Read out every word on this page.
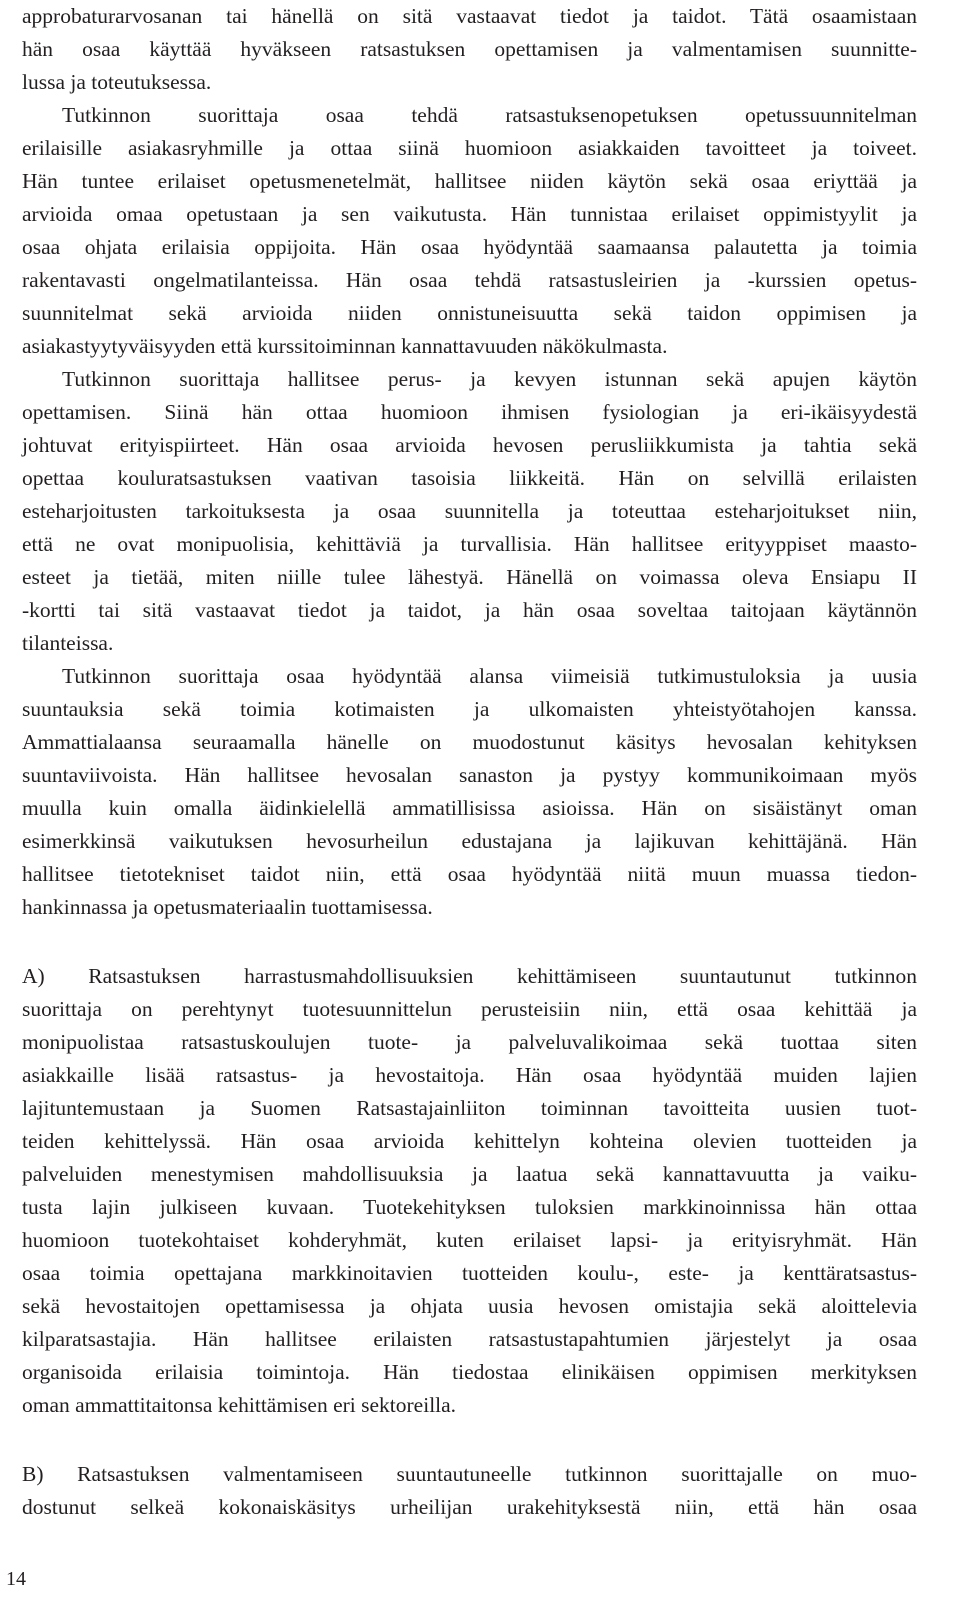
approbaturarvosanan tai hänellä on sitä vastaavat tiedot ja taidot. Tätä osaamistaan
hän osaa käyttää hyväkseen ratsastuksen opettamisen ja valmentamisen suunnitte-
lussa ja toteutuksessa.
Tutkinnon suorittaja osaa tehdä ratsastuksenopetuksen opetussuunnitelman
erilaisille asiakasryhmille ja ottaa siinä huomioon asiakkaiden tavoitteet ja toiveet.
Hän tuntee erilaiset opetusmenetelmät, hallitsee niiden käytön sekä osaa eriyttää ja
arvioida omaa opetustaan ja sen vaikutusta. Hän tunnistaa erilaiset oppimistyylit ja
osaa ohjata erilaisia oppijoita. Hän osaa hyödyntää saamaansa palautetta ja toimia
rakentavasti ongelmatilanteissa. Hän osaa tehdä ratsastusleirien ja -kurssien opetus-
suunnitelmat sekä arvioida niiden onnistuneisuutta sekä taidon oppimisen ja
asiakastyytyväisyyden että kurssitoiminnan kannattavuuden näkökulmasta.
Tutkinnon suorittaja hallitsee perus- ja kevyen istunnan sekä apujen käytön
opettamisen. Siinä hän ottaa huomioon ihmisen fysiologian ja eri-ikäisyydestä
johtuvat erityispiirteet. Hän osaa arvioida hevosen perusliikkumista ja tahtia sekä
opettaa kouluratsastuksen vaativan tasoisia liikkeitä. Hän on selvillä erilaisten
esteharjoitusten tarkoituksesta ja osaa suunnitella ja toteuttaa esteharjoitukset niin,
että ne ovat monipuolisia, kehittäviä ja turvallisia. Hän hallitsee erityyppiset maasto-
esteet ja tietää, miten niille tulee lähestyä. Hänellä on voimassa oleva Ensiapu II
-kortti tai sitä vastaavat tiedot ja taidot, ja hän osaa soveltaa taitojaan käytännön
tilanteissa.
Tutkinnon suorittaja osaa hyödyntää alansa viimeisiä tutkimustuloksia ja uusia
suuntauksia sekä toimia kotimaisten ja ulkomaisten yhteistyötahojen kanssa.
Ammattialaansa seuraamalla hänelle on muodostunut käsitys hevosalan kehityksen
suuntaviivoista. Hän hallitsee hevosalan sanaston ja pystyy kommunikoimaan myös
muulla kuin omalla äidinkielellä ammatillisissa asioissa. Hän on sisäistänyt oman
esimerkkinsä vaikutuksen hevosurheilun edustajana ja lajikuvan kehittäjänä. Hän
hallitsee tietotekniset taidot niin, että osaa hyödyntää niitä muun muassa tiedon-
hankinnassa ja opetusmateriaalin tuottamisessa.
A) Ratsastuksen harrastusmahdollisuuksien kehittämiseen suuntautunut tutkinnon
suorittaja on perehtynyt tuotesuunnittelun perusteisiin niin, että osaa kehittää ja
monipuolistaa ratsastuskoulujen tuote- ja palveluvalikoimaa sekä tuottaa siten
asiakkaille lisää ratsastus- ja hevostaitoja. Hän osaa hyödyntää muiden lajien
lajituntemustaan ja Suomen Ratsastajainliiton toiminnan tavoitteita uusien tuot-
teiden kehittelyssä. Hän osaa arvioida kehittelyn kohteina olevien tuotteiden ja
palveluiden menestymisen mahdollisuuksia ja laatua sekä kannattavuutta ja vaiku-
tusta lajin julkiseen kuvaan. Tuotekehityksen tuloksien markkinoinnissa hän ottaa
huomioon tuotekohtaiset kohderyhmät, kuten erilaiset lapsi- ja erityisryhmät. Hän
osaa toimia opettajana markkinoitavien tuotteiden koulu-, este- ja kenttäratsastus-
sekä hevostaitojen opettamisessa ja ohjata uusia hevosen omistajia sekä aloittelevia
kilparatsastajia. Hän hallitsee erilaisten ratsastustapahtumien järjestelyt ja osaa
organisoida erilaisia toimintoja. Hän tiedostaa elinikäisen oppimisen merkityksen
oman ammattitaitonsa kehittämisen eri sektoreilla.
B) Ratsastuksen valmentamiseen suuntautuneelle tutkinnon suorittajalle on muo-
dostunut selkeä kokonaiskäsitys urheilijan urakehityksestä niin, että hän osaa
14
